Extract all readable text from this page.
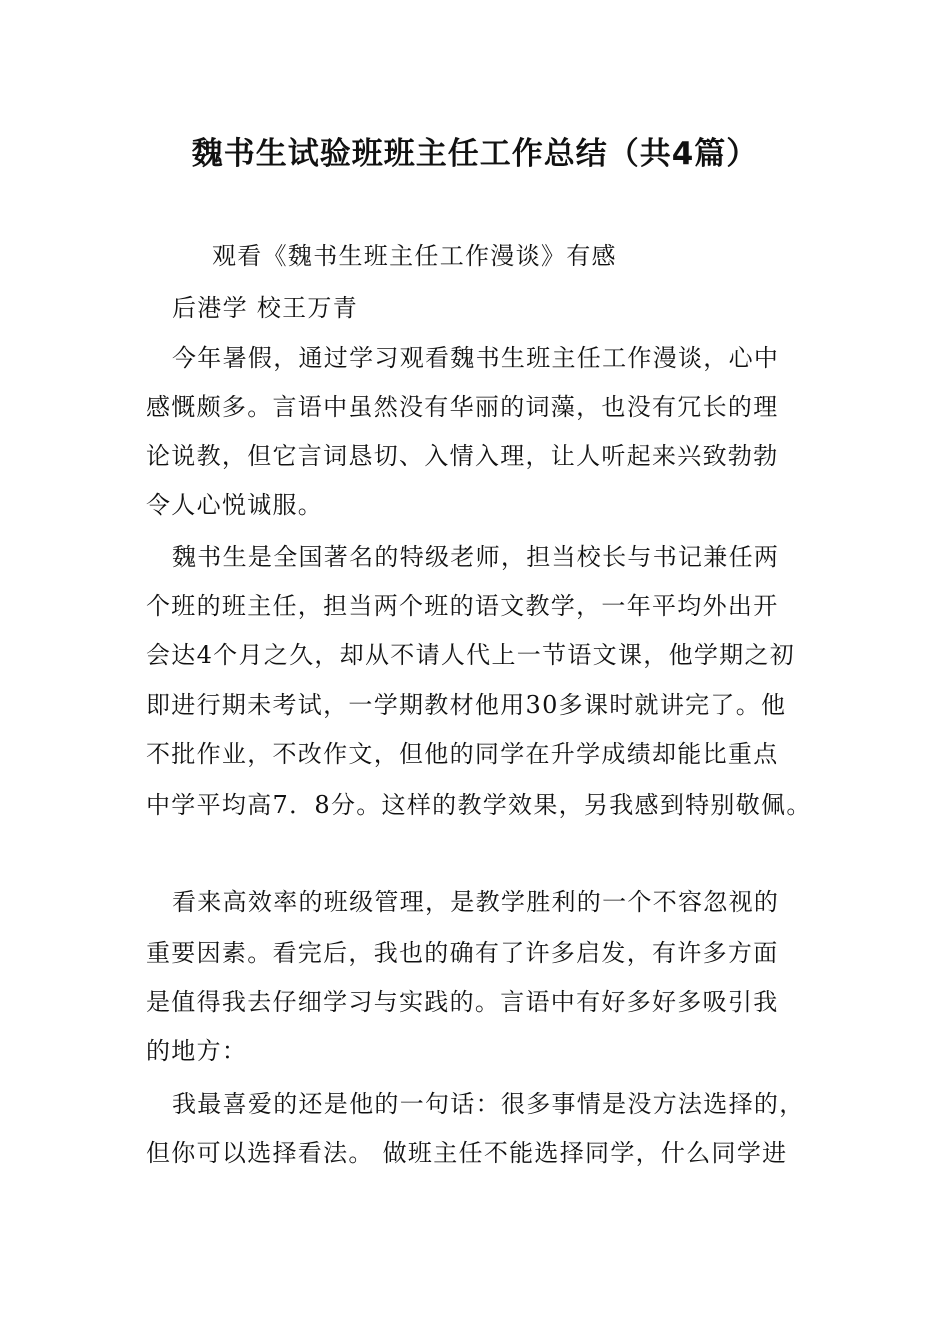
魏书生试验班班主任工作总结（共4篇）
观看《魏书生班主任工作漫谈》有感
后港学 校王万青
今年暑假，通过学习观看魏书生班主任工作漫谈，心中
感慨颇多。言语中虽然没有华丽的词藻，也没有冗长的理
论说教，但它言词恳切、入情入理，让人听起来兴致勃勃
令人心悦诚服。
魏书生是全国著名的特级老师，担当校长与书记兼任两
个班的班主任，担当两个班的语文教学，一年平均外出开
会达4个月之久，却从不请人代上一节语文课，他学期之初
即进行期未考试，一学期教材他用30多课时就讲完了。他
不批作业，不改作文，但他的同学在升学成绩却能比重点
中学平均高7．8分。这样的教学效果，另我感到特别敬佩。
看来高效率的班级管理，是教学胜利的一个不容忽视的
重要因素。看完后，我也的确有了许多启发，有许多方面
是值得我去仔细学习与实践的。言语中有好多好多吸引我
的地方：
我最喜爱的还是他的一句话：很多事情是没方法选择的，
但你可以选择看法。 做班主任不能选择同学，什么同学进
